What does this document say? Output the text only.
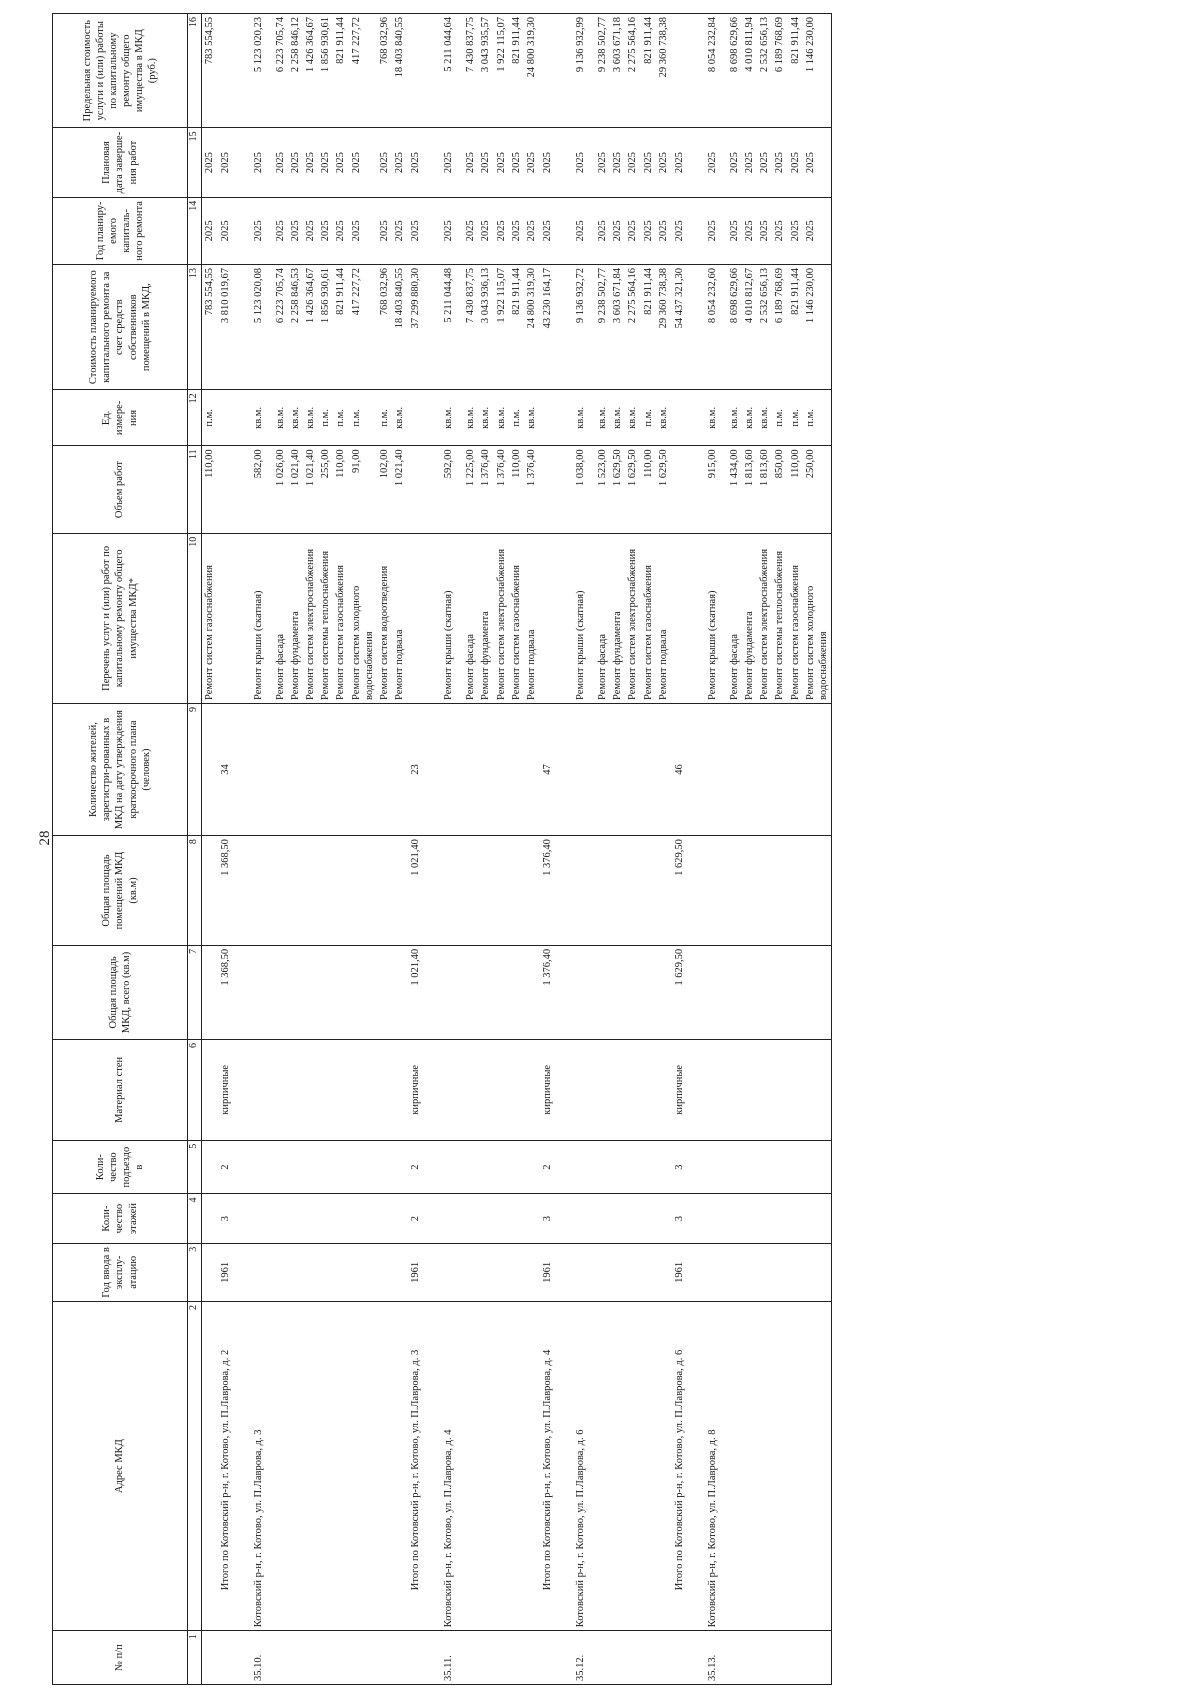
28
№ п/п	Адрес МКД	Год ввода в эксплу-атацию	Коли-чество этажей	Коли-чество подъездо в	Материал стен	Общая площадь МКД, всего (кв.м)	Общая площадь помещений МКД (кв.м)	Количество жителей, зарегистри-рованных в МКД на дату утверждения краткосрочного плана (человек)	Перечень услуг и (или) работ по капитальному ремонту общего имущества МКД*	Объем работ	Ед. измере-ния	Стоимость планируемого капитального ремонта за счет средств собственников помещений в МКД,	Год планиру-емого капиталь-ного ремонта	Плановая дата заверше-ния работ	Предельная стоимость услуги и (или) работы по капитальному ремонту общего имущества в МКД (руб.)
1	2	3	4	5	6	7	8	9	10	11	12	13	14	15	16
									Ремонт систем газоснабжения	110,00	п.м.	783 554,55	2025	2025	783 554,55
	Итого по Котовский р-н, г. Котово, ул. П.Лаврова, д. 2	1961	3	2	кирпичные	1 368,50	1 368,50	34				3 810 019,67	2025	2025	
35.10.	Котовский р-н, г. Котово, ул. П.Лаврова, д. 3								Ремонт крыши (скатная)	582,00	кв.м.	5 123 020,08	2025	2025	5 123 020,23
									Ремонт фасада	1 026,00	кв.м.	6 223 705,74	2025	2025	6 223 705,74
									Ремонт фундамента	1 021,40	кв.м.	2 258 846,53	2025	2025	2 258 846,12
									Ремонт систем электроснабжения	1 021,40	кв.м.	1 426 364,67	2025	2025	1 426 364,67
									Ремонт системы теплоснабжения	255,00	п.м.	1 856 930,61	2025	2025	1 856 930,61
									Ремонт систем газоснабжения	110,00	п.м.	821 911,44	2025	2025	821 911,44
									Ремонт систем холодного водоснабжения	91,00	п.м.	417 227,72	2025	2025	417 227,72
									Ремонт систем водоотведения	102,00	п.м.	768 032,96	2025	2025	768 032,96
									Ремонт подвала	1 021,40	кв.м.	18 403 840,55	2025	2025	18 403 840,55
	Итого по Котовский р-н, г. Котово, ул. П.Лаврова, д. 3	1961	2	2	кирпичные	1 021,40	1 021,40	23				37 299 880,30	2025	2025	
35.11.	Котовский р-н, г. Котово, ул. П.Лаврова, д. 4								Ремонт крыши (скатная)	592,00	кв.м.	5 211 044,48	2025	2025	5 211 044,64
									Ремонт фасада	1 225,00	кв.м.	7 430 837,75	2025	2025	7 430 837,75
									Ремонт фундамента	1 376,40	кв.м.	3 043 936,13	2025	2025	3 043 935,57
									Ремонт систем электроснабжения	1 376,40	кв.м.	1 922 115,07	2025	2025	1 922 115,07
									Ремонт систем газоснабжения	110,00	п.м.	821 911,44	2025	2025	821 911,44
									Ремонт подвала	1 376,40	кв.м.	24 800 319,30	2025	2025	24 800 319,30
	Итого по Котовский р-н, г. Котово, ул. П.Лаврова, д. 4	1961	3	2	кирпичные	1 376,40	1 376,40	47				43 230 164,17	2025	2025	
35.12.	Котовский р-н, г. Котово, ул. П.Лаврова, д. 6								Ремонт крыши (скатная)	1 038,00	кв.м.	9 136 932,72	2025	2025	9 136 932,99
									Ремонт фасада	1 523,00	кв.м.	9 238 502,77	2025	2025	9 238 502,77
									Ремонт фундамента	1 629,50	кв.м.	3 603 671,84	2025	2025	3 603 671,18
									Ремонт систем электроснабжения	1 629,50	кв.м.	2 275 564,16	2025	2025	2 275 564,16
									Ремонт систем газоснабжения	110,00	п.м.	821 911,44	2025	2025	821 911,44
									Ремонт подвала	1 629,50	кв.м.	29 360 738,38	2025	2025	29 360 738,38
	Итого по Котовский р-н, г. Котово, ул. П.Лаврова, д. 6	1961	3	3	кирпичные	1 629,50	1 629,50	46				54 437 321,30	2025	2025	
35.13.	Котовский р-н, г. Котово, ул. П.Лаврова, д. 8								Ремонт крыши (скатная)	915,00	кв.м.	8 054 232,60	2025	2025	8 054 232,84
									Ремонт фасада	1 434,00	кв.м.	8 698 629,66	2025	2025	8 698 629,66
									Ремонт фундамента	1 813,60	кв.м.	4 010 812,67	2025	2025	4 010 811,94
									Ремонт систем электроснабжения	1 813,60	кв.м.	2 532 656,13	2025	2025	2 532 656,13
									Ремонт системы теплоснабжения	850,00	п.м.	6 189 768,69	2025	2025	6 189 768,69
									Ремонт систем газоснабжения	110,00	п.м.	821 911,44	2025	2025	821 911,44
									Ремонт систем холодного водоснабжения	250,00	п.м.	1 146 230,00	2025	2025	1 146 230,00
